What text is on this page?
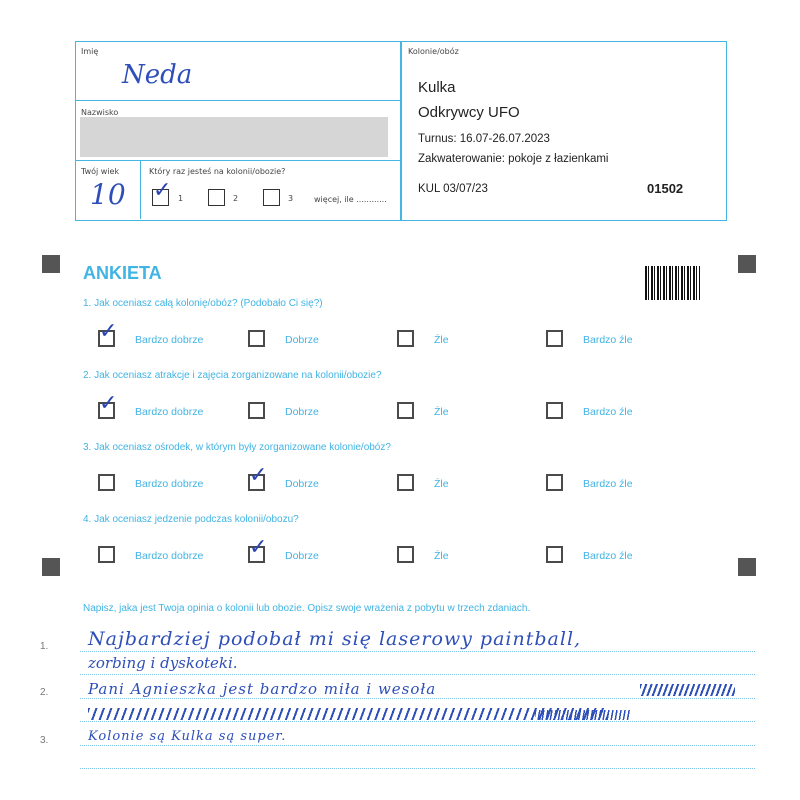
Imię
Neda
Nazwisko
Twój wiek
10
Który raz jesteś na kolonii/obozie?
✓ 1	2	3	więcej, ile ............
Kolonie/obóz
Kulka
Odkrywcy UFO
Turnus: 16.07-26.07.2023
Zakwaterowanie: pokoje z łazienkami
KUL 03/07/23	01502
ANKIETA
1. Jak oceniasz całą kolonię/obóz? (Podobało Ci się?)
✓ Bardzo dobrze	Dobrze	Źle	Bardzo źle
2. Jak oceniasz atrakcje i zajęcia zorganizowane na kolonii/obozie?
✓ Bardzo dobrze	Dobrze	Źle	Bardzo źle
3. Jak oceniasz ośrodek, w którym były zorganizowane kolonie/obóz?
Bardzo dobrze ✓ Dobrze	Źle	Bardzo źle
4. Jak oceniasz jedzenie podczas kolonii/obozu?
Bardzo dobrze ✓ Dobrze	Źle	Bardzo źle
Napisz, jaka jest Twoja opinia o kolonii lub obozie. Opisz swoje wrażenia z pobytu w trzech zdaniach.
1.
2.
3.
Najbardziej podobał mi się laserowy paintball,
zorbing i dyskoteki.
Pani Agnieszka jest bardzo miła i wesoła
Kolonie są Kulka są super.
